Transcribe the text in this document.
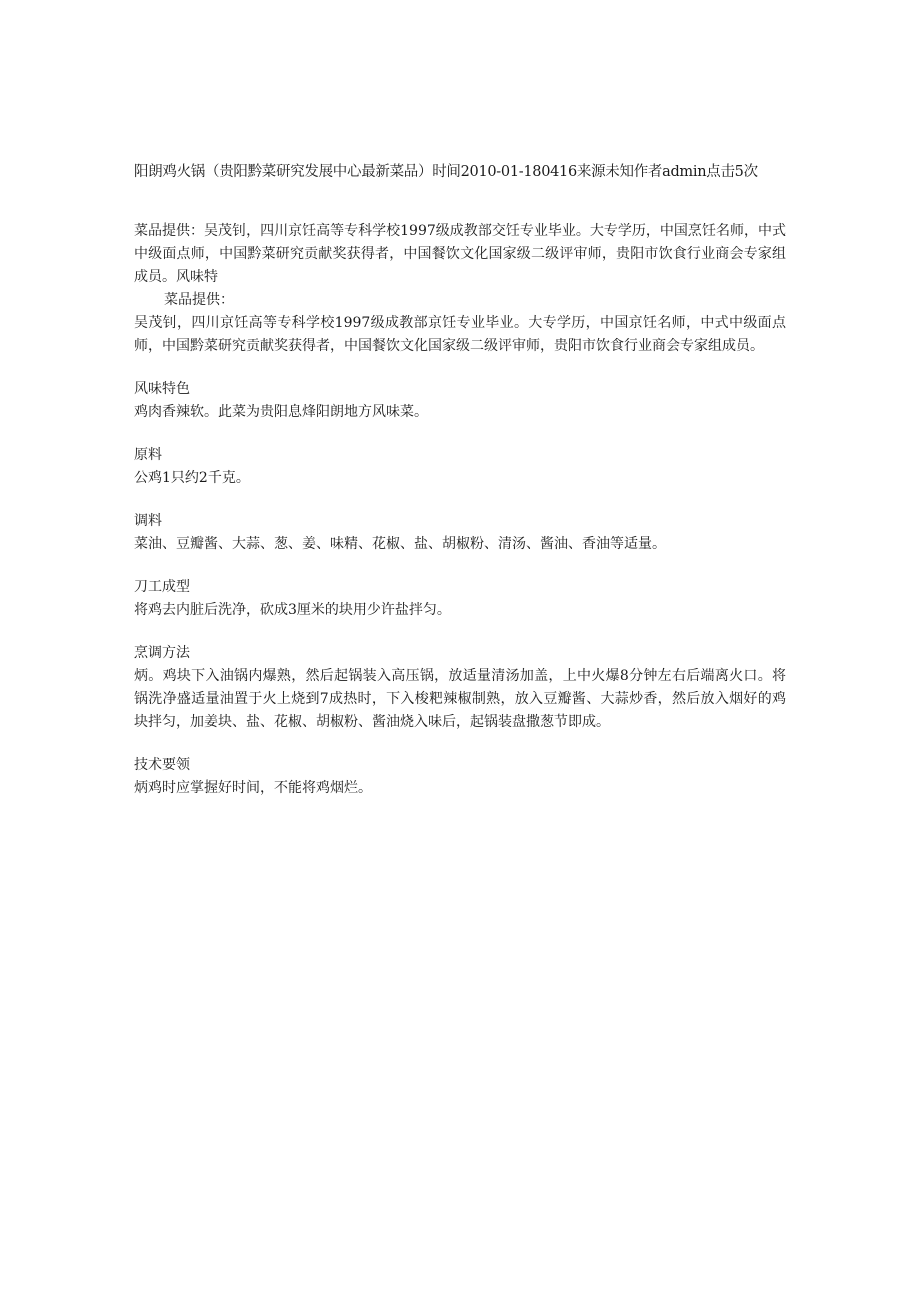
阳朗鸡火锅（贵阳黔菜研究发展中心最新菜品）时间2010-01-180416来源未知作者admin点击5次

菜品提供：吴茂钊，四川京饪高等专科学校1997级成教部交饪专业毕业。大专学历，中国烹饪名师，中式中级面点师，中国黔菜研究贡献奖获得者，中国餐饮文化国家级二级评审师，贵阳市饮食行业商会专家组成员。风味特

菜品提供：

吴茂钊，四川京饪高等专科学校1997级成教部京饪专业毕业。大专学历，中国京饪名师，中式中级面点师，中国黔菜研究贡献奖获得者，中国餐饮文化国家级二级评审师，贵阳市饮食行业商会专家组成员。

风味特色

鸡肉香辣软。此菜为贵阳息烽阳朗地方风味菜。

原料

公鸡1只约2千克。

调料

菜油、豆瓣酱、大蒜、葱、姜、味精、花椒、盐、胡椒粉、清汤、酱油、香油等适量。

刀工成型

将鸡去内脏后洗净，砍成3厘米的块用少许盐拌匀。

烹调方法

炳。鸡块下入油锅内爆熟，然后起锅装入高压锅，放适量清汤加盖，上中火爆8分钟左右后端离火口。将锅洗净盛适量油置于火上烧到7成热时，下入梭粑辣椒制熟，放入豆瓣酱、大蒜炒香，然后放入烟好的鸡块拌匀，加姜块、盐、花椒、胡椒粉、酱油烧入味后，起锅装盘撒葱节即成。

技术要领

炳鸡时应掌握好时间，不能将鸡烟烂。
